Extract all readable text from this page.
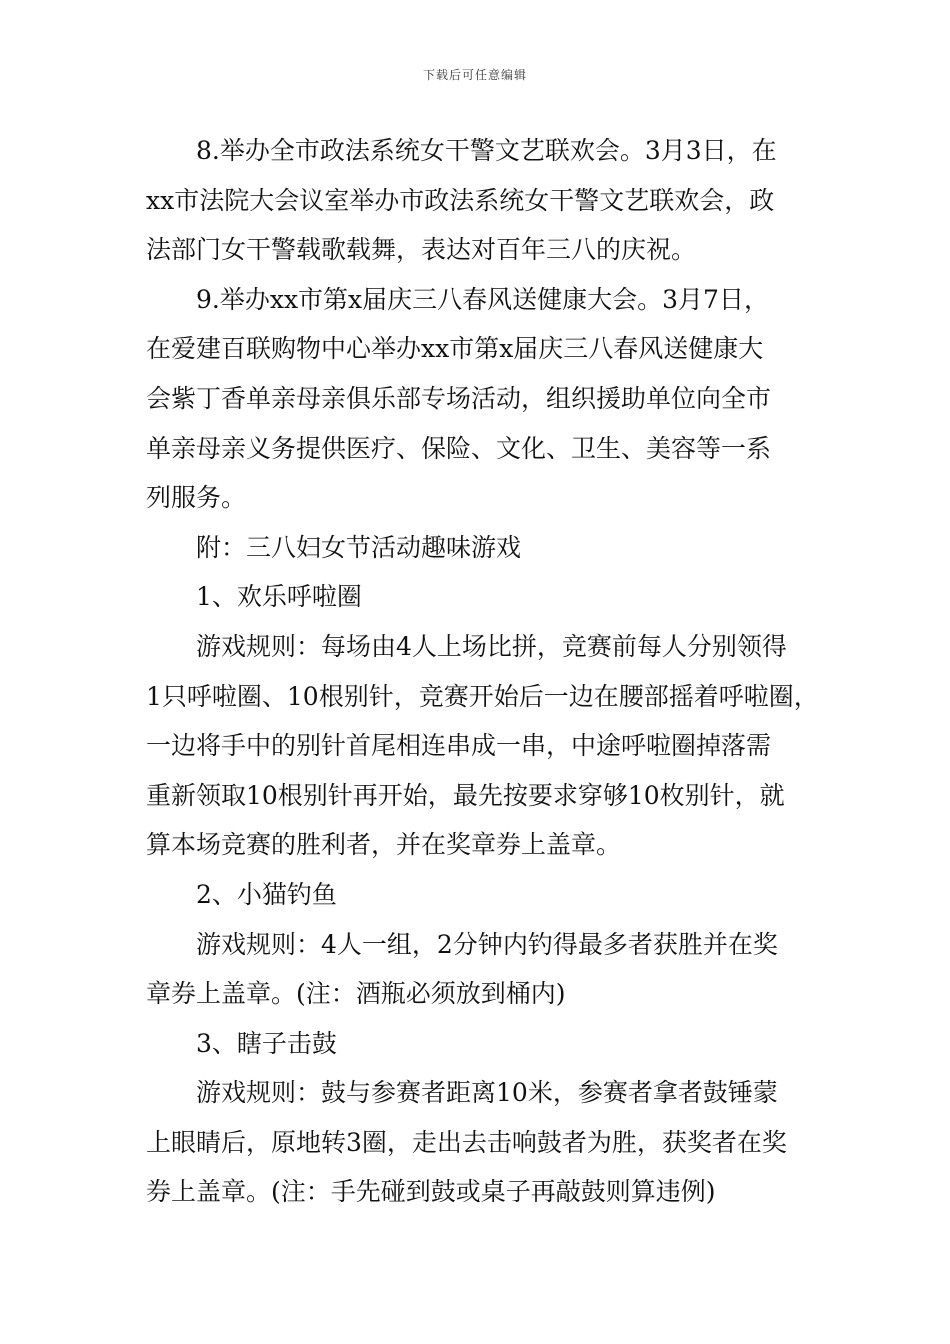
下载后可任意编辑
8.举办全市政法系统女干警文艺联欢会。3月3日，在
xx市法院大会议室举办市政法系统女干警文艺联欢会，政
法部门女干警载歌载舞，表达对百年三八的庆祝。
9.举办xx市第x届庆三八春风送健康大会。3月7日，
在爱建百联购物中心举办xx市第x届庆三八春风送健康大
会紫丁香单亲母亲俱乐部专场活动，组织援助单位向全市
单亲母亲义务提供医疗、保险、文化、卫生、美容等一系
列服务。
附：三八妇女节活动趣味游戏
1、欢乐呼啦圈
游戏规则：每场由4人上场比拼，竞赛前每人分别领得
1只呼啦圈、10根别针，竞赛开始后一边在腰部摇着呼啦圈，
一边将手中的别针首尾相连串成一串，中途呼啦圈掉落需
重新领取10根别针再开始，最先按要求穿够10枚别针，就
算本场竞赛的胜利者，并在奖章券上盖章。
2、小猫钓鱼
游戏规则：4人一组，2分钟内钓得最多者获胜并在奖
章券上盖章。(注：酒瓶必须放到桶内)
3、瞎子击鼓
游戏规则：鼓与参赛者距离10米，参赛者拿者鼓锤蒙
上眼睛后，原地转3圈，走出去击响鼓者为胜，获奖者在奖
券上盖章。(注：手先碰到鼓或桌子再敲鼓则算违例)
